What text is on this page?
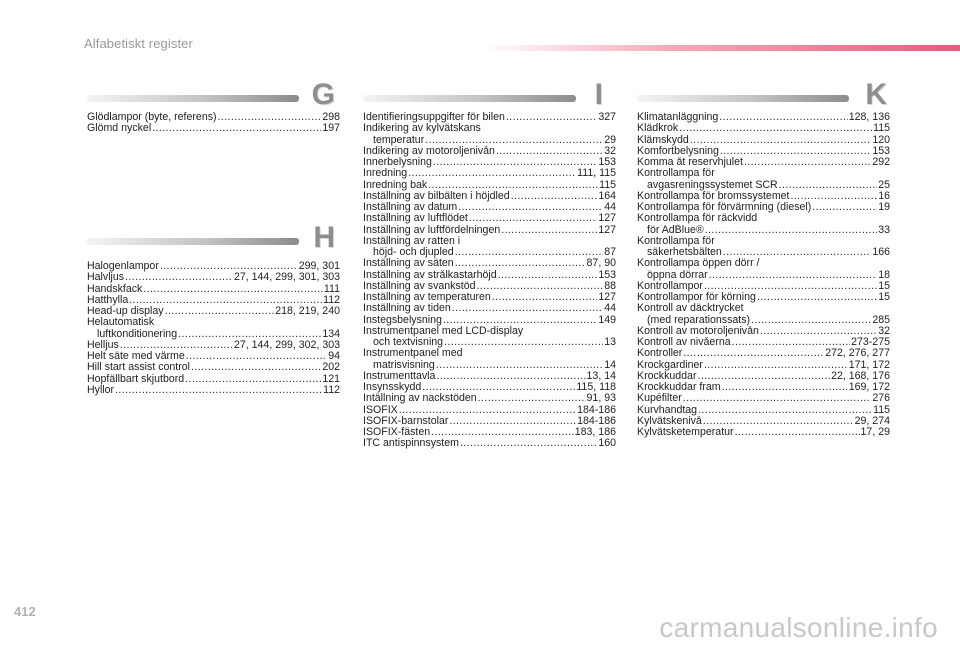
Alfabetiskt register
G
Glödlampor (byte, referens) .....	298
Glömd nyckel .....	197
H
Halogenlampor .....	299, 301
Halvljus .....	27, 144, 299, 301, 303
Handskfack .....	111
Hatthylla .....	112
Head-up display .....	218, 219, 240
Helautomatisk
luftkonditionering .....	134
Helljus .....	27, 144, 299, 302, 303
Helt säte med värme .....	94
Hill start assist control .....	202
Hopfällbart skjutbord .....	121
Hyllor .....	112
I
Identifieringsuppgifter för bilen .....	327
Indikering av kylvätskans
temperatur .....	29
Indikering av motoroljenivån .....	32
Innerbelysning .....	153
Inredning .....	111, 115
Inredning bak .....	115
Inställning av bilbälten i höjdled .....	164
Inställning av datum .....	44
Inställning av luftflödet .....	127
Inställning av luftfördelningen .....	127
Inställning av ratten i
höjd- och djupled .....	87
Inställning av säten .....	87, 90
Inställning av strålkastarhöjd .....	153
Inställning av svankstöd .....	88
Inställning av temperaturen .....	127
Inställning av tiden .....	44
Instegsbelysning .....	149
Instrumentpanel med LCD-display
och textvisning .....	13
Instrumentpanel med
matrisvisning .....	14
Instrumenttavla .....	13, 14
Insynsskydd .....	115, 118
Intällning av nackstöden .....	91, 93
ISOFIX .....	184-186
ISOFIX-barnstolar .....	184-186
ISOFIX-fästen .....	183, 186
ITC antispinnsystem .....	160
K
Klimatanläggning .....	128, 136
Klädkrok .....	115
Klämskydd .....	120
Komfortbelysning .....	153
Komma åt reservhjulet .....	292
Kontrollampa för
avgasreningssystemet SCR .....	25
Kontrollampa för bromssystemet .....	16
Kontrollampa för förvärmning (diesel) .....	19
Kontrollampa för räckvidd
för AdBlue® .....	33
Kontrollampa för
säkerhetsbälten .....	166
Kontrollampa öppen dörr /
öppna dörrar .....	18
Kontrollampor .....	15
Kontrollampor för körning .....	15
Kontroll av däcktrycket
(med reparationssats) .....	285
Kontroll av motoroljenivån .....	32
Kontroll av nivåerna .....	273-275
Kontroller .....	272, 276, 277
Krockgardiner .....	171, 172
Krockkuddar .....	22, 168, 176
Krockkuddar fram .....	169, 172
Kupéfilter .....	276
Kurvhandtag .....	115
Kylvätskenivå .....	29, 274
Kylvätsketemperatur .....	17, 29
412
carmanualsonline.info
